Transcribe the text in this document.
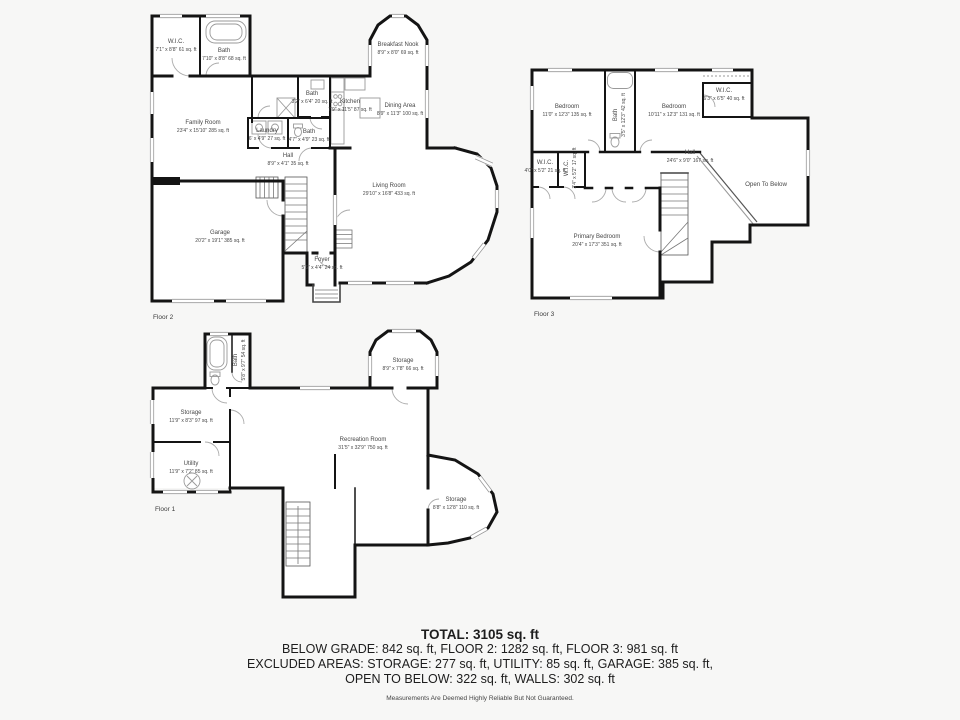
W.I.C.
7'1" x 8'8" 61 sq. ft	Bath
7'10" x 8'8" 68 sq. ft
Family Room
23'4" x 15'10" 285 sq. ft	Laundry
6' x 4'9" 27 sq. ft
Bath
4'7" x 4'9" 23 sq. ft
Hall
8'9" x 4'1" 35 sq. ft
Bath
3'2" x 6'4" 20 sq. ft	Kitchen
7'9" x 11'5" 87 sq. ft
Dining Area
8'9" x 11'3" 100 sq. ft
Breakfast Nook
8'9" x 8'0" 69 sq. ft
Living Room
29'10" x 16'8" 433 sq. ft
Garage
20'2" x 19'1" 385 sq. ft
Foyer
5'6" x 4'4" 24 sq. ft
Floor 2
Bedroom
11'0" x 12'3" 135 sq. ft	Bath 3'5" x 12'3" 42 sq. ft	Bedroom
10'11" x 12'3" 131 sq. ft
W.I.C.
6'3" x 6'5" 40 sq. ft
W.I.C.
4'0" x 5'2" 21 sq. ft
W.I.C. 3'4" x 5'2" 17 sq. ft	Hall
24'6" x 9'0" 167 sq. ft
Primary Bedroom
20'4" x 17'3" 351 sq. ft
Open To Below
Floor 3
Bath 5'8" x 9'7" 54 sq. ft
Storage
11'9" x 8'3" 97 sq. ft
Utility
11'9" x 7'2" 85 sq. ft
Recreation Room
31'5" x 32'9" 750 sq. ft
Storage
8'9" x 7'8" 66 sq. ft
Storage
8'8" x 12'8" 110 sq. ft
Floor 1
TOTAL: 3105 sq. ft
BELOW GRADE: 842 sq. ft, FLOOR 2: 1282 sq. ft, FLOOR 3: 981 sq. ft
EXCLUDED AREAS: STORAGE: 277 sq. ft, UTILITY: 85 sq. ft, GARAGE: 385 sq. ft,
OPEN TO BELOW: 322 sq. ft, WALLS: 302 sq. ft
Measurements Are Deemed Highly Reliable But Not Guaranteed.
